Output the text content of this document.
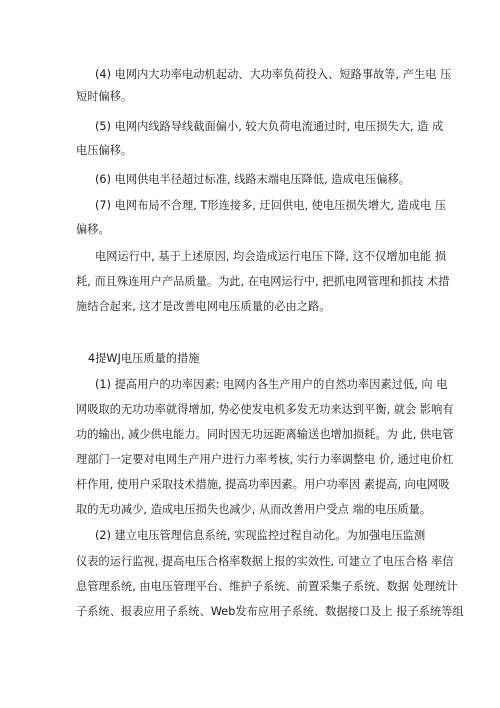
(4) 电网内大功率电动机起动、大功率负荷投入、短路事故等, 产生电 压
短时偏移。
(5) 电网内线路导线截面偏小, 较大负荷电流通过时, 电压损失大, 造 成
电压偏移。
(6) 电网供电半径超过标准, 线路末端电压降低, 造成电压偏移。
(7) 电网布局不合理, T形连接多, 迂回供电, 使电压损失增大, 造成电 压
偏移。
电网运行中, 基于上述原因, 均会造成运行电压下降, 这不仅增加电能 损
耗, 而且殊连用户产品质量。为此, 在电网运行中, 把抓电网管理和抓技 术措
施结合起来, 这才是改善电网电压质量的必由之路。
4提WJ电压质量的措施
(1) 提高用户的功率因素: 电网内各生产用户的自然功率因素过低, 向 电
网吸取的无功功率就得增加, 势必使发电机多发无功来达到平衡, 就会 影响有
功的输出, 减少供电能力。同时因无功远距离输送也增加损耗。为 此, 供电管
理部门一定要对电网生产用户进行力率考核, 实行力率调整电 价, 通过电价杠
杆作用, 使用户采取技术措施, 提高功率因素。用户功率因 素提高, 向电网吸
取的无功减少, 造成电压损失也减少, 从而改善用户受点 端的电压质量。
(2) 建立电压管理信息系统, 实现监控过程自动化。为加强电压监测
仪表的运行监视, 提高电压合格率数据上报的实效性, 可建立了电压合格 率信
息管理系统, 由电压管理平台、维护子系统、前置采集子系统、数据 处理统计
子系统、报表应用子系统、Web发布应用子系统、数据接口及上 报子系统等组
